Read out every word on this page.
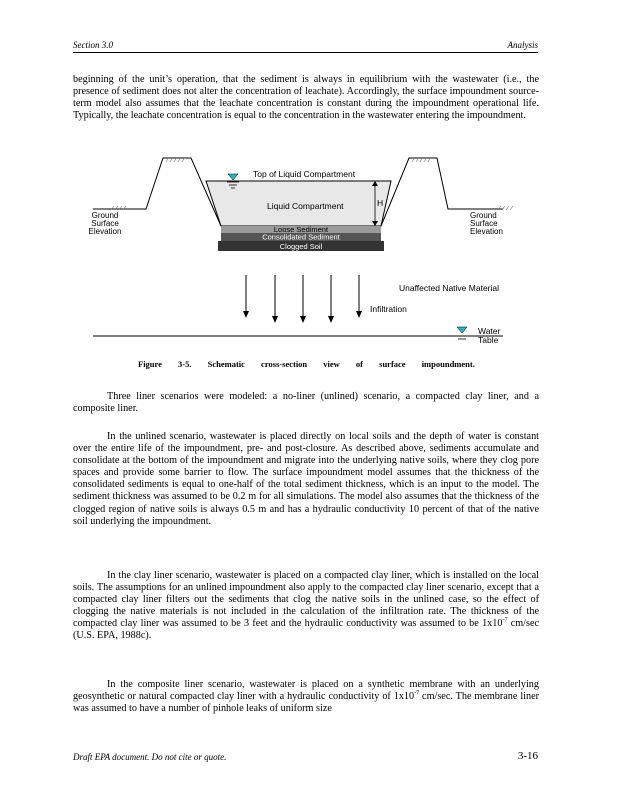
Section 3.0	Analysis

beginning of the unit’s operation, that the sediment is always in equilibrium with the wastewater (i.e., the presence of sediment does not alter the concentration of leachate). Accordingly, the surface impoundment source-term model also assumes that the leachate concentration is constant during the impoundment operational life. Typically, the leachate concentration is equal to the concentration in the wastewater entering the impoundment.

Top of Liquid Compartment
Liquid Compartment	H
Loose Sediment
Consolidated Sediment
Clogged Soil
Ground
Surface
Elevation
Ground
Surface
Elevation
Unaffected Native Material
Infiltration
Water
Table
Figure 3-5. Schematic cross-section view of surface impoundment.

Three liner scenarios were modeled: a no-liner (unlined) scenario, a compacted clay liner, and a composite liner.

In the unlined scenario, wastewater is placed directly on local soils and the depth of water is constant over the entire life of the impoundment, pre- and post-closure. As described above, sediments accumulate and consolidate at the bottom of the impoundment and migrate into the underlying native soils, where they clog pore spaces and provide some barrier to flow. The surface impoundment model assumes that the thickness of the consolidated sediments is equal to one-half of the total sediment thickness, which is an input to the model. The sediment thickness was assumed to be 0.2 m for all simulations. The model also assumes that the thickness of the clogged region of native soils is always 0.5 m and has a hydraulic conductivity 10 percent of that of the native soil underlying the impoundment.

In the clay liner scenario, wastewater is placed on a compacted clay liner, which is installed on the local soils. The assumptions for an unlined impoundment also apply to the compacted clay liner scenario, except that a compacted clay liner filters out the sediments that clog the native soils in the unlined case, so the effect of clogging the native materials is not included in the calculation of the infiltration rate. The thickness of the compacted clay liner was assumed to be 3 feet and the hydraulic conductivity was assumed to be $1x10^{-7}$ cm/sec (U.S. EPA, 1988c).

In the composite liner scenario, wastewater is placed on a synthetic membrane with an underlying geosynthetic or natural compacted clay liner with a hydraulic conductivity of $1x10^{-7}$ cm/sec. The membrane liner was assumed to have a number of pinhole leaks of uniform size

Draft EPA document. Do not cite or quote.	3-16
